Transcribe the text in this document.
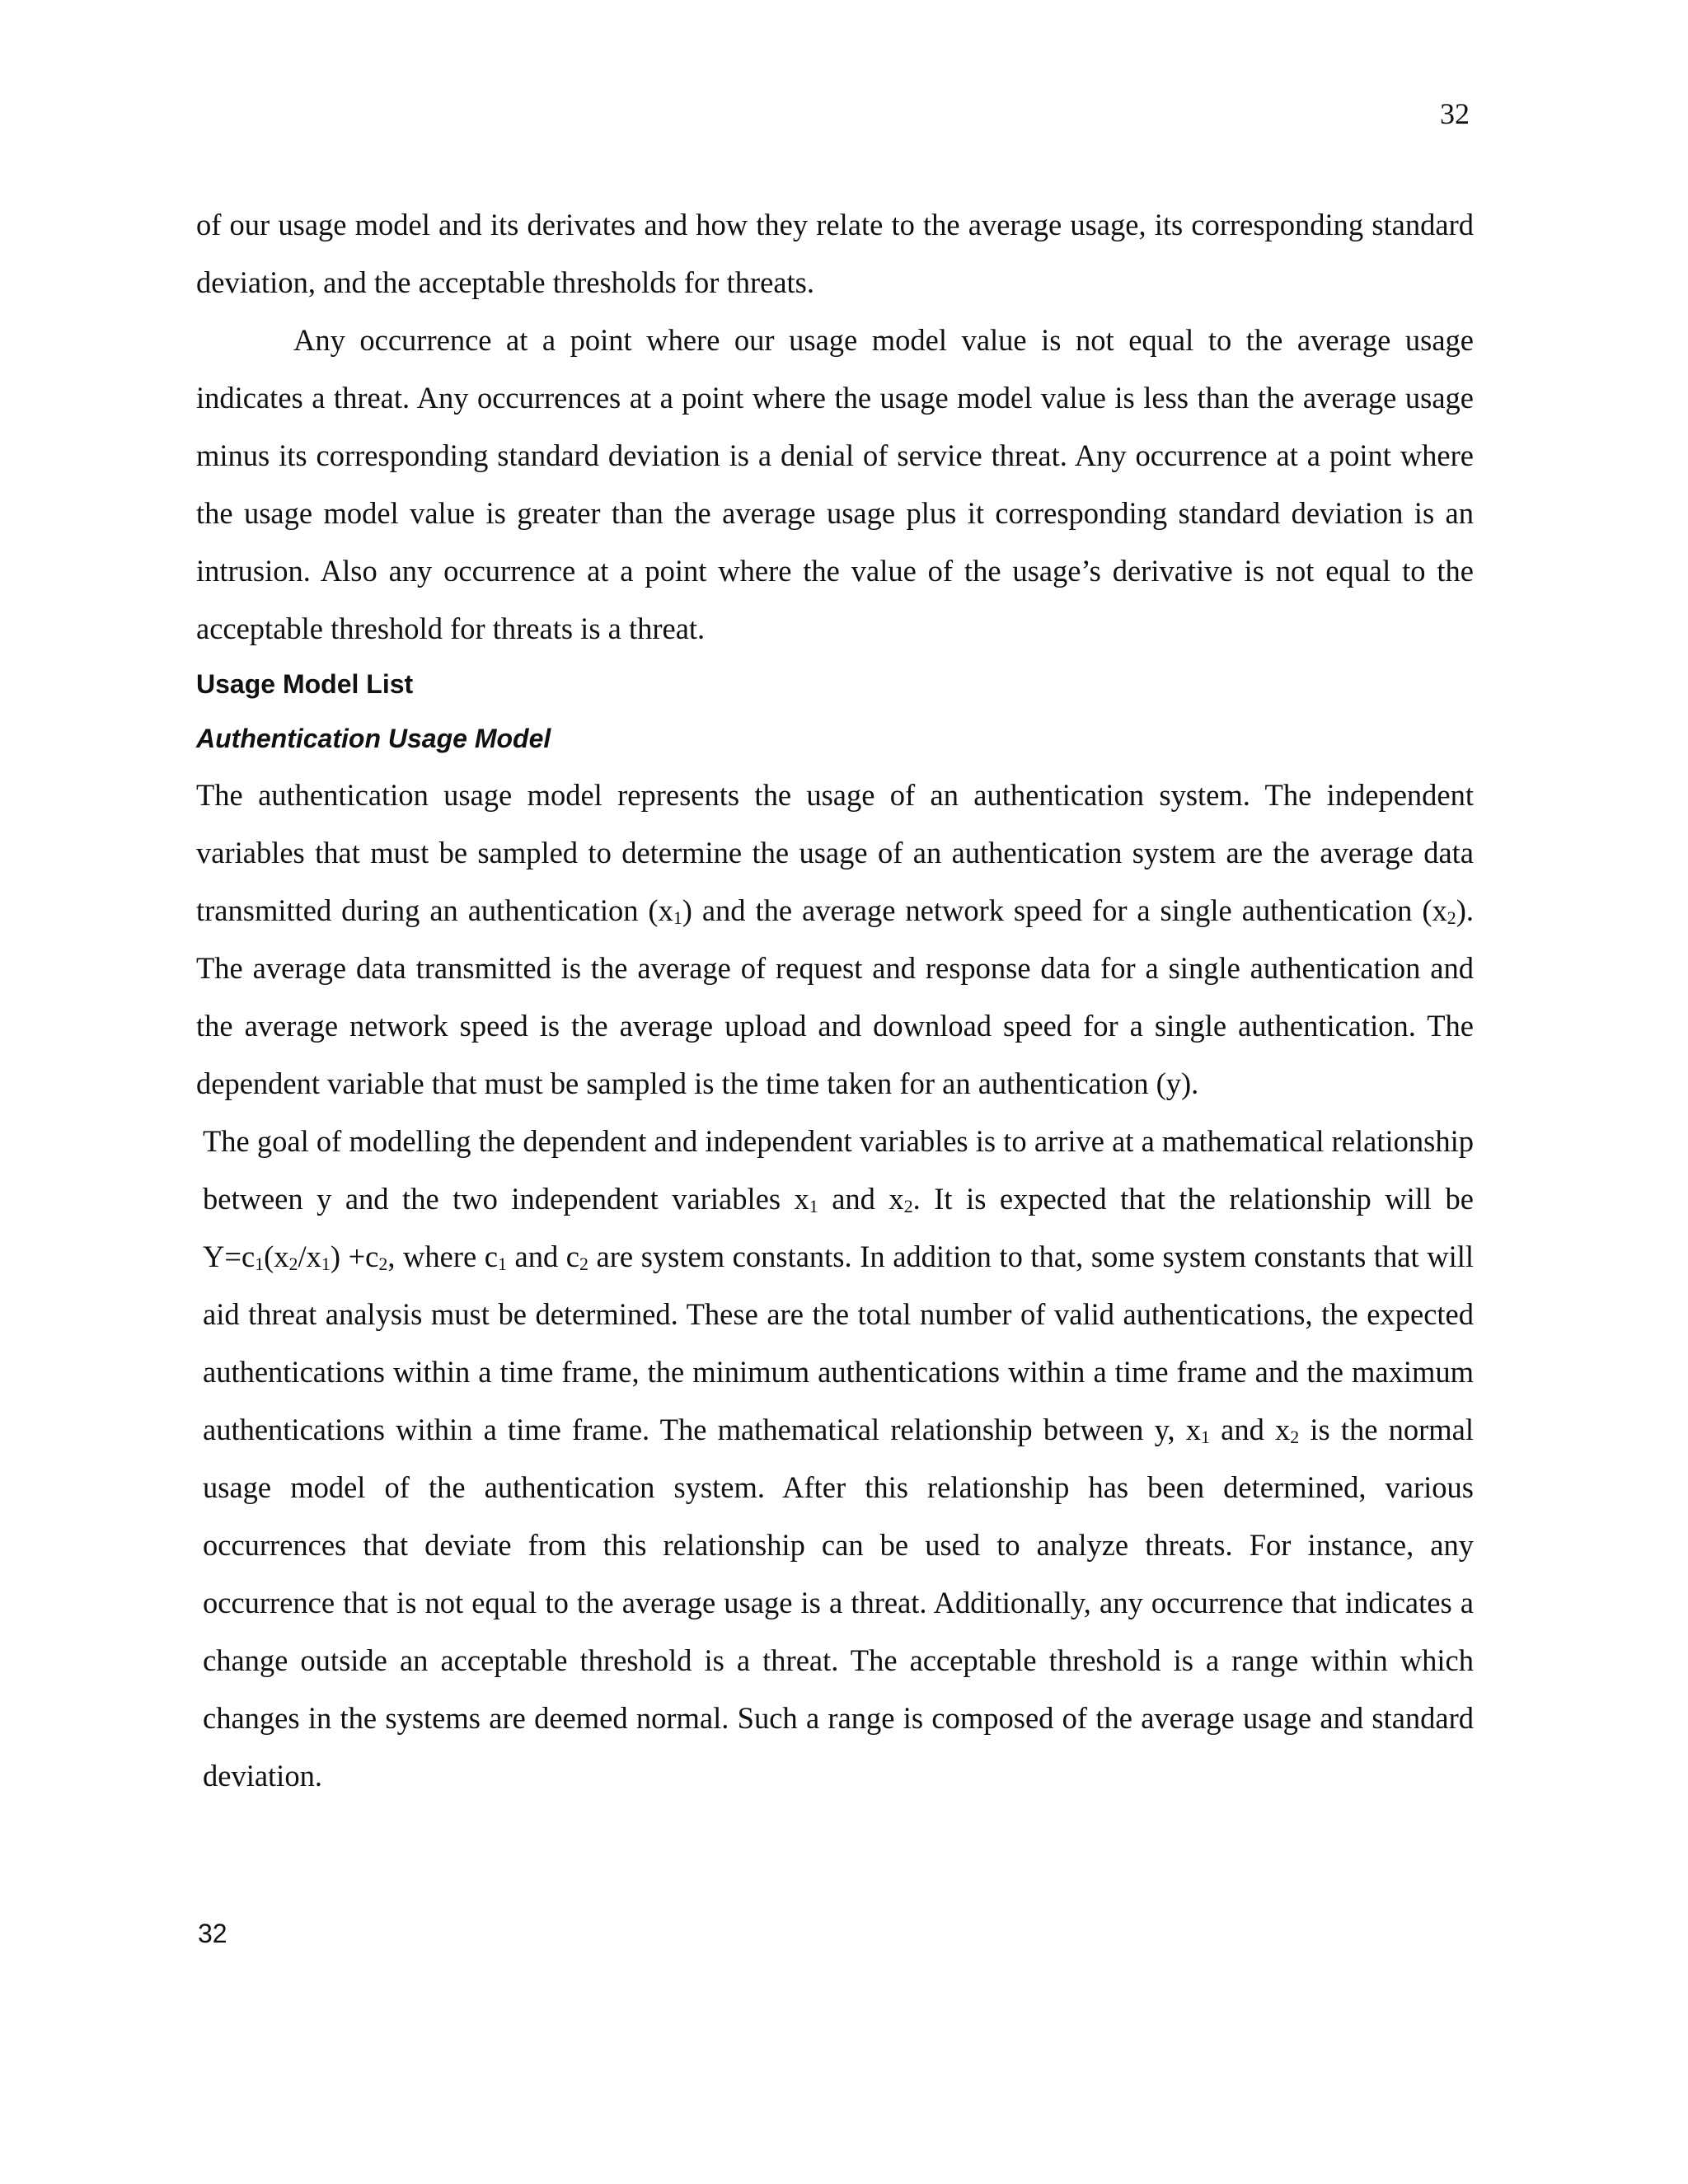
32

of our usage model and its derivates and how they relate to the average usage, its corresponding standard deviation, and the acceptable thresholds for threats.

Any occurrence at a point where our usage model value is not equal to the average usage indicates a threat. Any occurrences at a point where the usage model value is less than the average usage minus its corresponding standard deviation is a denial of service threat. Any occurrence at a point where the usage model value is greater than the average usage plus it corresponding standard deviation is an intrusion. Also any occurrence at a point where the value of the usage’s derivative is not equal to the acceptable threshold for threats is a threat.

Usage Model List

Authentication Usage Model

The authentication usage model represents the usage of an authentication system. The independent variables that must be sampled to determine the usage of an authentication system are the average data transmitted during an authentication $(x_1)$ and the average network speed for a single authentication $(x_2)$. The average data transmitted is the average of request and response data for a single authentication and the average network speed is the average upload and download speed for a single authentication. The dependent variable that must be sampled is the time taken for an authentication (y).

The goal of modelling the dependent and independent variables is to arrive at a mathematical relationship between y and the two independent variables $x_1$ and $x_2$. It is expected that the relationship will be $Y=c_1(x_2/x_1) +c_2$, where $c_1$ and $c_2$ are system constants. In addition to that, some system constants that will aid threat analysis must be determined. These are the total number of valid authentications, the expected authentications within a time frame, the minimum authentications within a time frame and the maximum authentications within a time frame. The mathematical relationship between y, $x_1$ and $x_2$ is the normal usage model of the authentication system. After this relationship has been determined, various occurrences that deviate from this relationship can be used to analyze threats. For instance, any occurrence that is not equal to the average usage is a threat. Additionally, any occurrence that indicates a change outside an acceptable threshold is a threat. The acceptable threshold is a range within which changes in the systems are deemed normal. Such a range is composed of the average usage and standard deviation.

32
